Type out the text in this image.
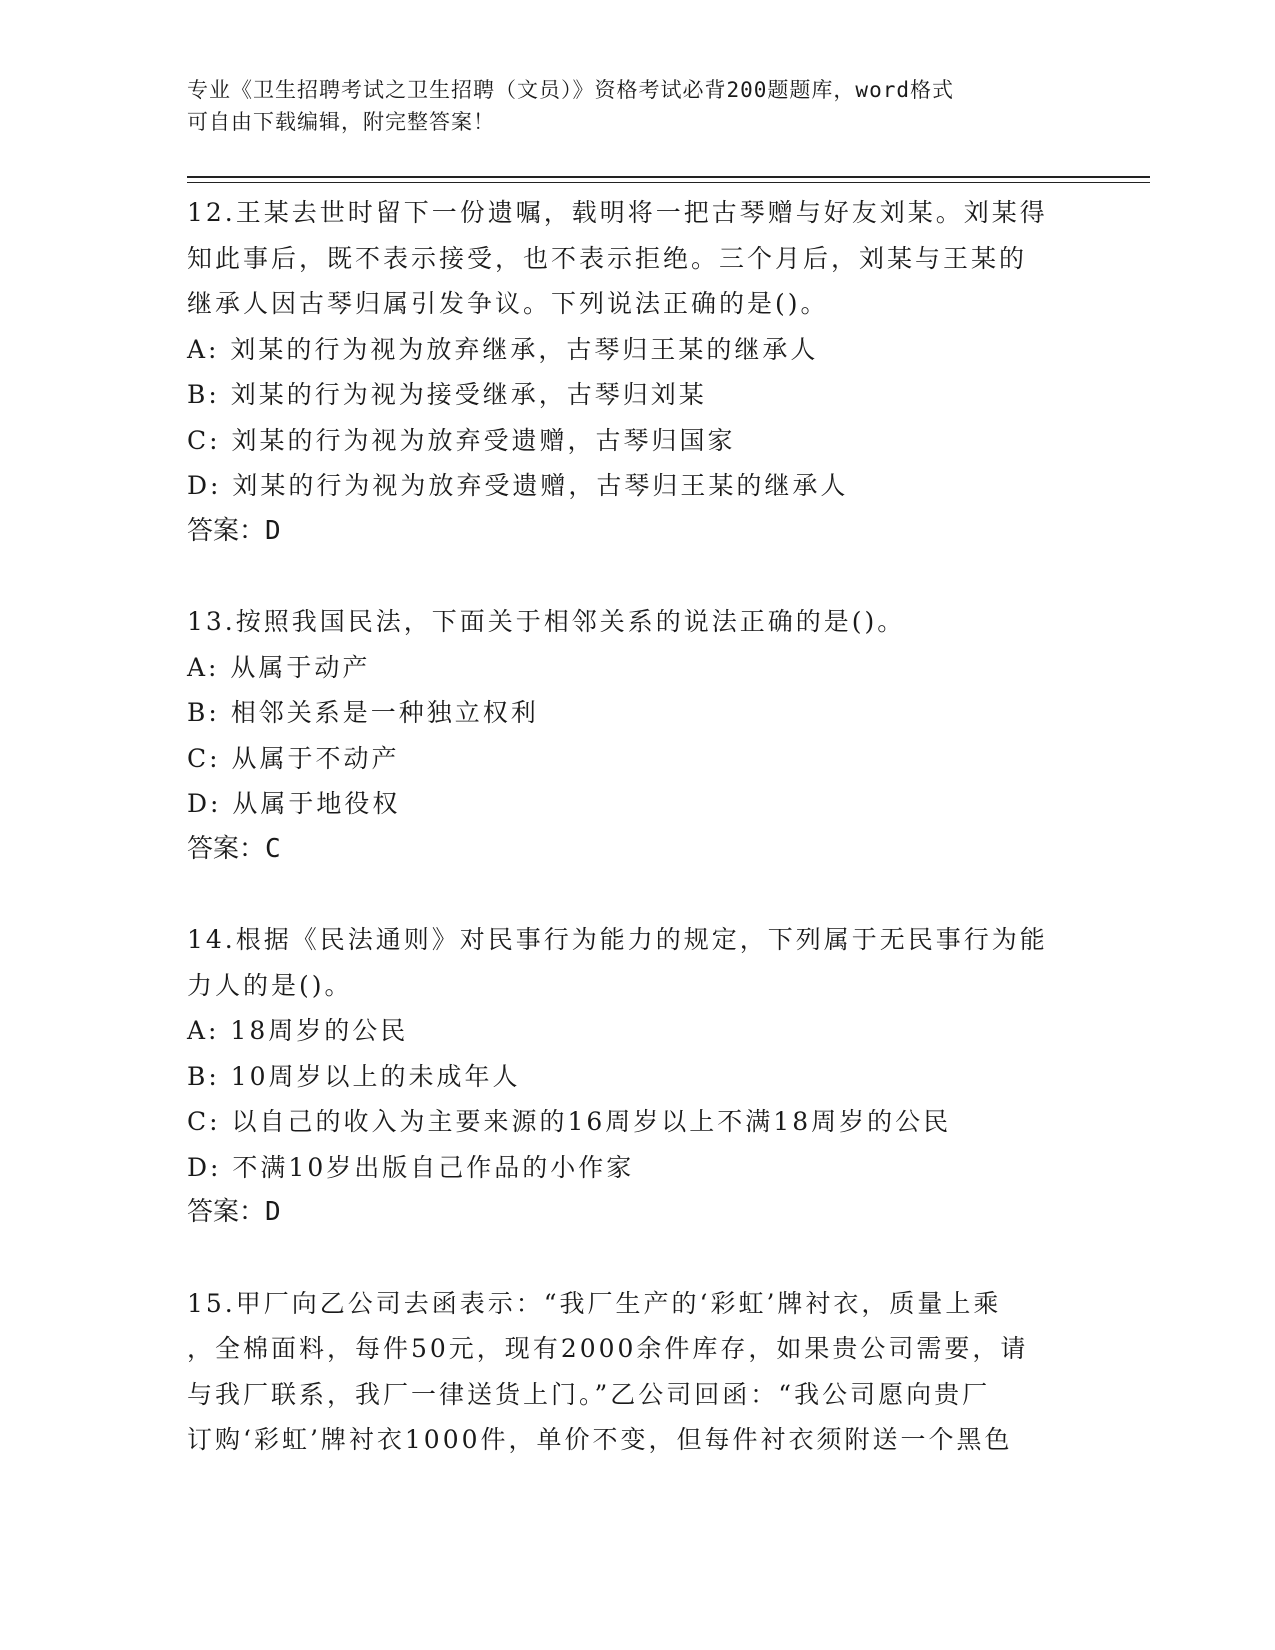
专业《卫生招聘考试之卫生招聘（文员）》资格考试必背200题题库，word格式
可自由下载编辑，附完整答案！
12.王某去世时留下一份遗嘱，载明将一把古琴赠与好友刘某。刘某得
知此事后，既不表示接受，也不表示拒绝。三个月后，刘某与王某的
继承人因古琴归属引发争议。下列说法正确的是()。
A: 刘某的行为视为放弃继承，古琴归王某的继承人
B: 刘某的行为视为接受继承，古琴归刘某
C: 刘某的行为视为放弃受遗赠，古琴归国家
D: 刘某的行为视为放弃受遗赠，古琴归王某的继承人
答案：D
13.按照我国民法，下面关于相邻关系的说法正确的是()。
A: 从属于动产
B: 相邻关系是一种独立权利
C: 从属于不动产
D: 从属于地役权
答案：C
14.根据《民法通则》对民事行为能力的规定，下列属于无民事行为能
力人的是()。
A: 18周岁的公民
B: 10周岁以上的未成年人
C: 以自己的收入为主要来源的16周岁以上不满18周岁的公民
D: 不满10岁出版自己作品的小作家
答案：D
15.甲厂向乙公司去函表示：“我厂生产的‘彩虹’牌衬衣，质量上乘
，全棉面料，每件50元，现有2000余件库存，如果贵公司需要，请
与我厂联系，我厂一律送货上门。”乙公司回函：“我公司愿向贵厂
订购‘彩虹’牌衬衣1000件，单价不变，但每件衬衣须附送一个黑色
